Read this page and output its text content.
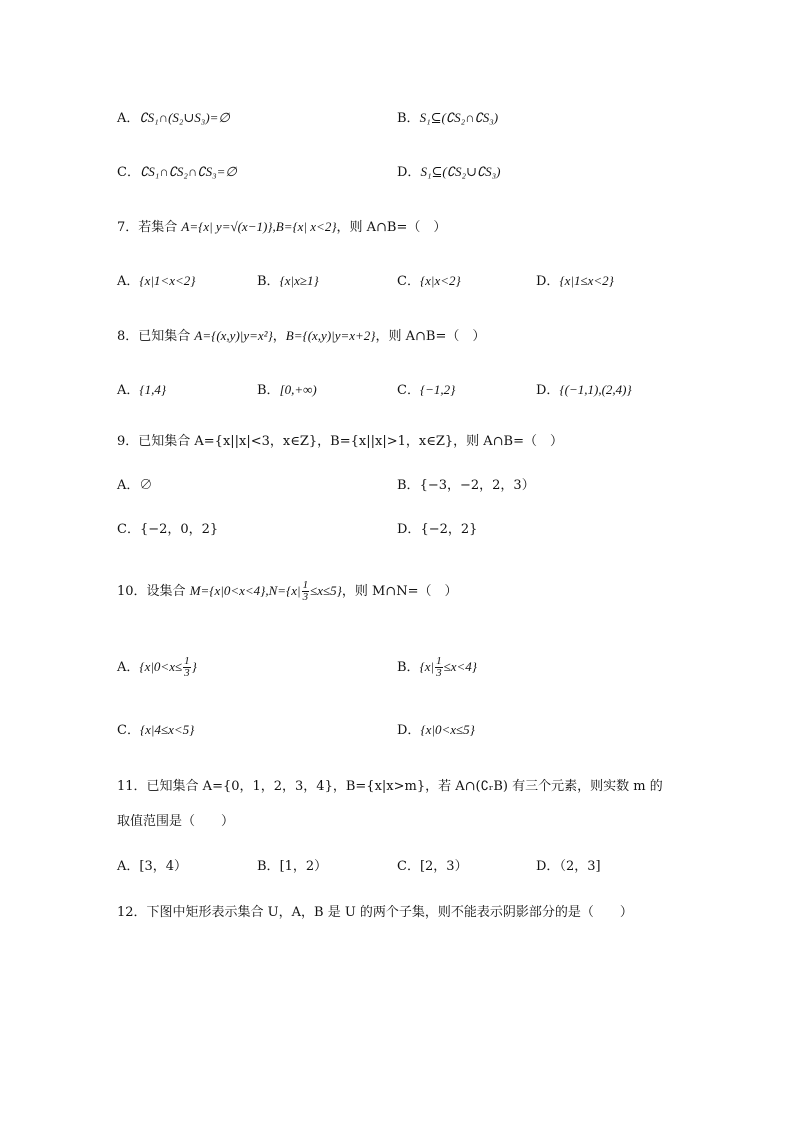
A．∁S₁∩(S₂∪S₃)=∅	B．S₁⊆(∁S₂∩∁S₃)
C．∁S₁∩∁S₂∩∁S₃=∅	D．S₁⊆(∁S₂∪∁S₃)
7．若集合 A={x| y=√(x−1)},B={x| x<2}，则 A∩B=（　）
A．{x|1<x<2}	B．{x|x≥1}	C．{x|x<2}	D．{x|1≤x<2}
8．已知集合 A={(x,y)|y=x²}，B={(x,y)|y=x+2}，则 A∩B=（　）
A．{1,4}	B．[0,+∞)	C．{−1,2}	D．{(−1,1),(2,4)}
9．已知集合 A={x||x|<3，x∈Z}，B={x||x|>1，x∈Z}，则 A∩B=（　）
A．∅	B．{−3，−2，2，3）
C．{−2，0，2}	D．{−2，2}
10．设集合 $M=\{x|0<x<4\},N=\{x| \frac{1}{3} \le x\le 5\}$，则 M∩N=（　）
A．{$x|0<x\le \frac{1}{3}$ }	B．$\{x| \frac{1}{3} \le x<4\}$
C．{x|4≤x<5}	D．{x|0<x≤5}
11．已知集合 A={0，1，2，3，4}，B={x|x>m}，若 A∩(∁ᵣB) 有三个元素，则实数 m 的
取值范围是（　　）
A．[3，4）	B．[1，2）	C．[2，3）	D．（2，3]
12．下图中矩形表示集合 U，A，B 是 U 的两个子集，则不能表示阴影部分的是（　　）
